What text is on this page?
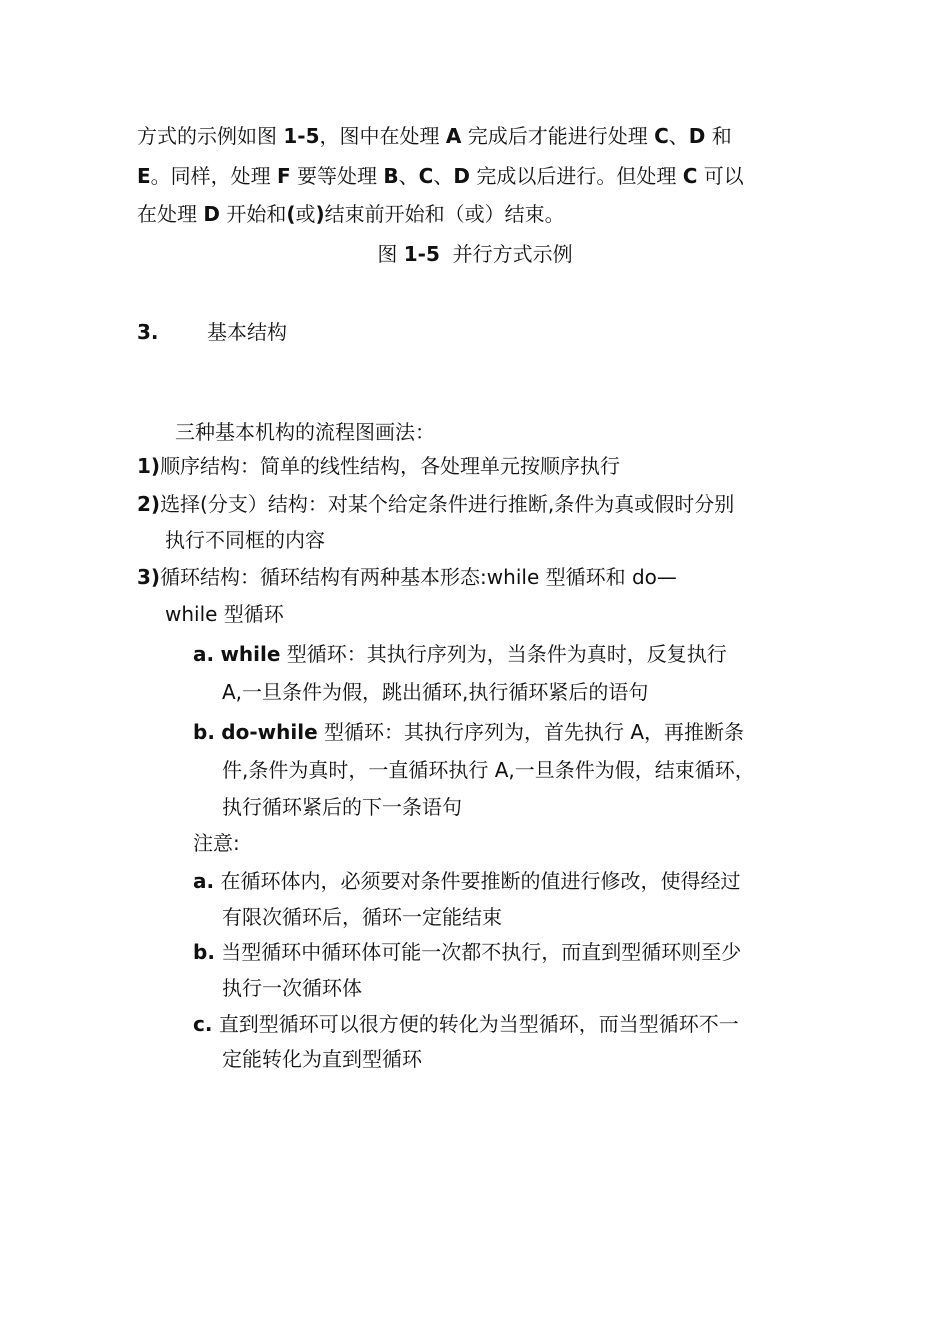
方式的示例如图 1-5，图中在处理 A 完成后才能进行处理 C、D 和
E。同样，处理 F 要等处理 B、C、D 完成以后进行。但处理 C 可以
在处理 D 开始和(或)结束前开始和（或）结束。
图 1-5  并行方式示例
3. 基本结构
三种基本机构的流程图画法：
1)顺序结构：简单的线性结构，各处理单元按顺序执行
2)选择(分支）结构：对某个给定条件进行推断,条件为真或假时分别
执行不同框的内容
3)循环结构：循环结构有两种基本形态:while 型循环和 do—
while 型循环
a. while 型循环：其执行序列为，当条件为真时，反复执行
A,一旦条件为假，跳出循环,执行循环紧后的语句
b. do-while 型循环：其执行序列为，首先执行 A，再推断条
件,条件为真时，一直循环执行 A,一旦条件为假，结束循环，
执行循环紧后的下一条语句
注意:
a. 在循环体内，必须要对条件要推断的值进行修改，使得经过
有限次循环后，循环一定能结束
b. 当型循环中循环体可能一次都不执行，而直到型循环则至少
执行一次循环体
c. 直到型循环可以很方便的转化为当型循环，而当型循环不一
定能转化为直到型循环
